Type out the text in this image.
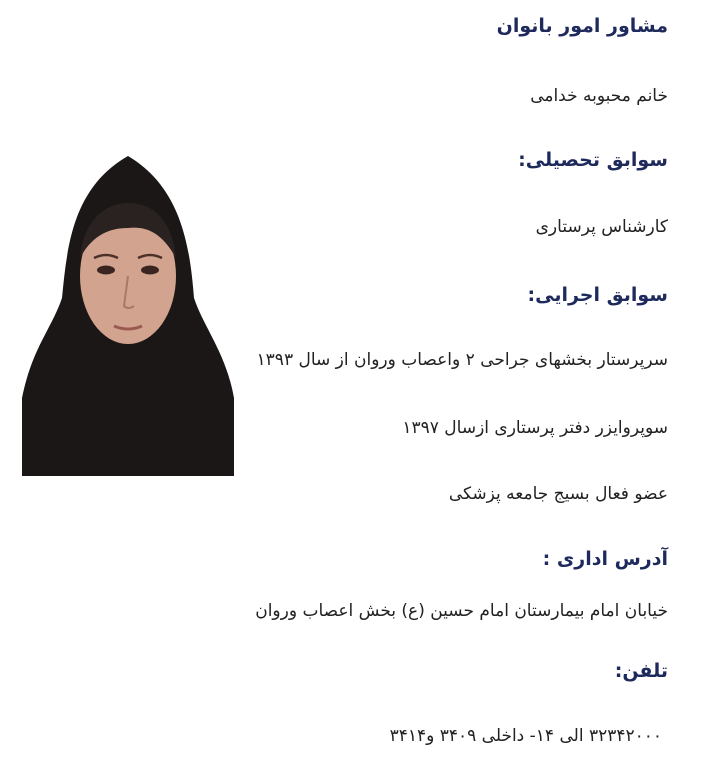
مشاور امور بانوان
خانم محبوبه خدامی
سوابق تحصیلی:
کارشناس پرستاری
سوابق اجرایی:
سرپرستار بخشهای جراحی ۲ واعصاب وروان از سال ۱۳۹۳
سوپروایزر دفتر پرستاری ازسال ۱۳۹۷
عضو فعال بسیج جامعه پزشکی
آدرس اداری :
خیابان امام بیمارستان امام حسین (ع) بخش اعصاب وروان
تلفن:
۳۲۳۴۲۰۰۰ الی ۱۴- داخلی ۳۴۰۹ و۳۴۱۴
